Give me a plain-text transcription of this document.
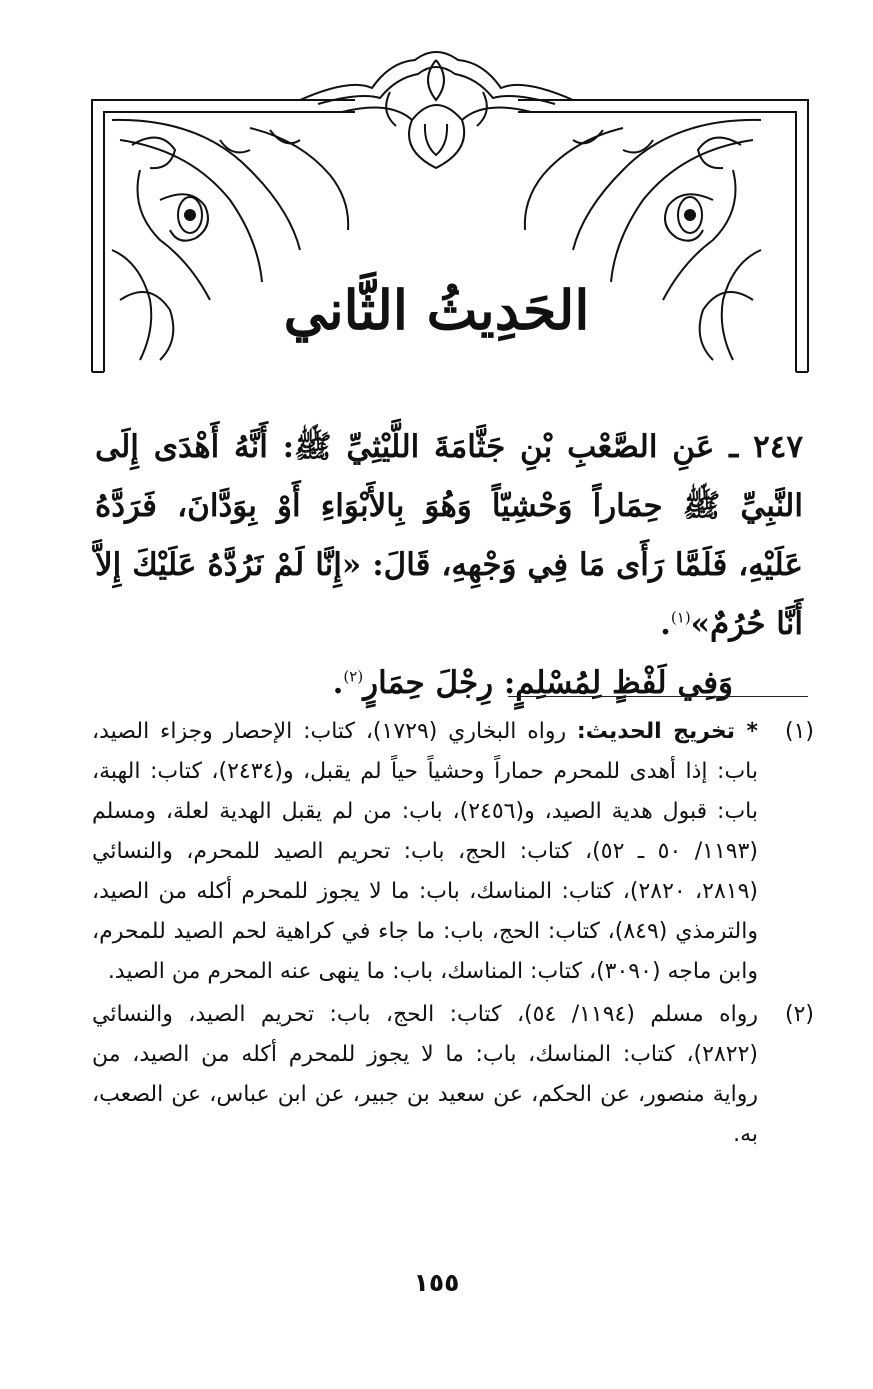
الحَدِيثُ الثَّاني

٢٤٧ ـ عَنِ الصَّعْبِ بْنِ جَثَّامَةَ اللَّيْثِيِّ ﷺ: أَنَّهُ أَهْدَى إِلَى النَّبِيِّ ﷺ حِمَاراً وَحْشِيّاً وَهُوَ بِالأَبْوَاءِ أَوْ بِوَدَّانَ، فَرَدَّهُ عَلَيْهِ، فَلَمَّا رَأَى مَا فِي وَجْهِهِ، قَالَ: «إِنَّا لَمْ نَرُدَّهُ عَلَيْكَ إِلاَّ أَنَّا حُرُمٌ»$^{(١)}$.

وَفِي لَفْظٍ لِمُسْلِمٍ: رِجْلَ حِمَارٍ$^{(٢)}$.

(١)
* تخريج الحديث: رواه البخاري (١٧٢٩)، كتاب: الإحصار وجزاء الصيد، باب: إذا أهدى للمحرم حماراً وحشياً حياً لم يقبل، و(٢٤٣٤)، كتاب: الهبة، باب: قبول هدية الصيد، و(٢٤٥٦)، باب: من لم يقبل الهدية لعلة، ومسلم (١١٩٣/ ٥٠ ـ ٥٢)، كتاب: الحج، باب: تحريم الصيد للمحرم، والنسائي (٢٨١٩، ٢٨٢٠)، كتاب: المناسك، باب: ما لا يجوز للمحرم أكله من الصيد، والترمذي (٨٤٩)، كتاب: الحج، باب: ما جاء في كراهية لحم الصيد للمحرم، وابن ماجه (٣٠٩٠)، كتاب: المناسك، باب: ما ينهى عنه المحرم من الصيد.
(٢)
رواه مسلم (١١٩٤/ ٥٤)، كتاب: الحج، باب: تحريم الصيد، والنسائي (٢٨٢٢)، كتاب: المناسك، باب: ما لا يجوز للمحرم أكله من الصيد، من رواية منصور، عن الحكم، عن سعيد بن جبير، عن ابن عباس، عن الصعب، به.
١٥٥
